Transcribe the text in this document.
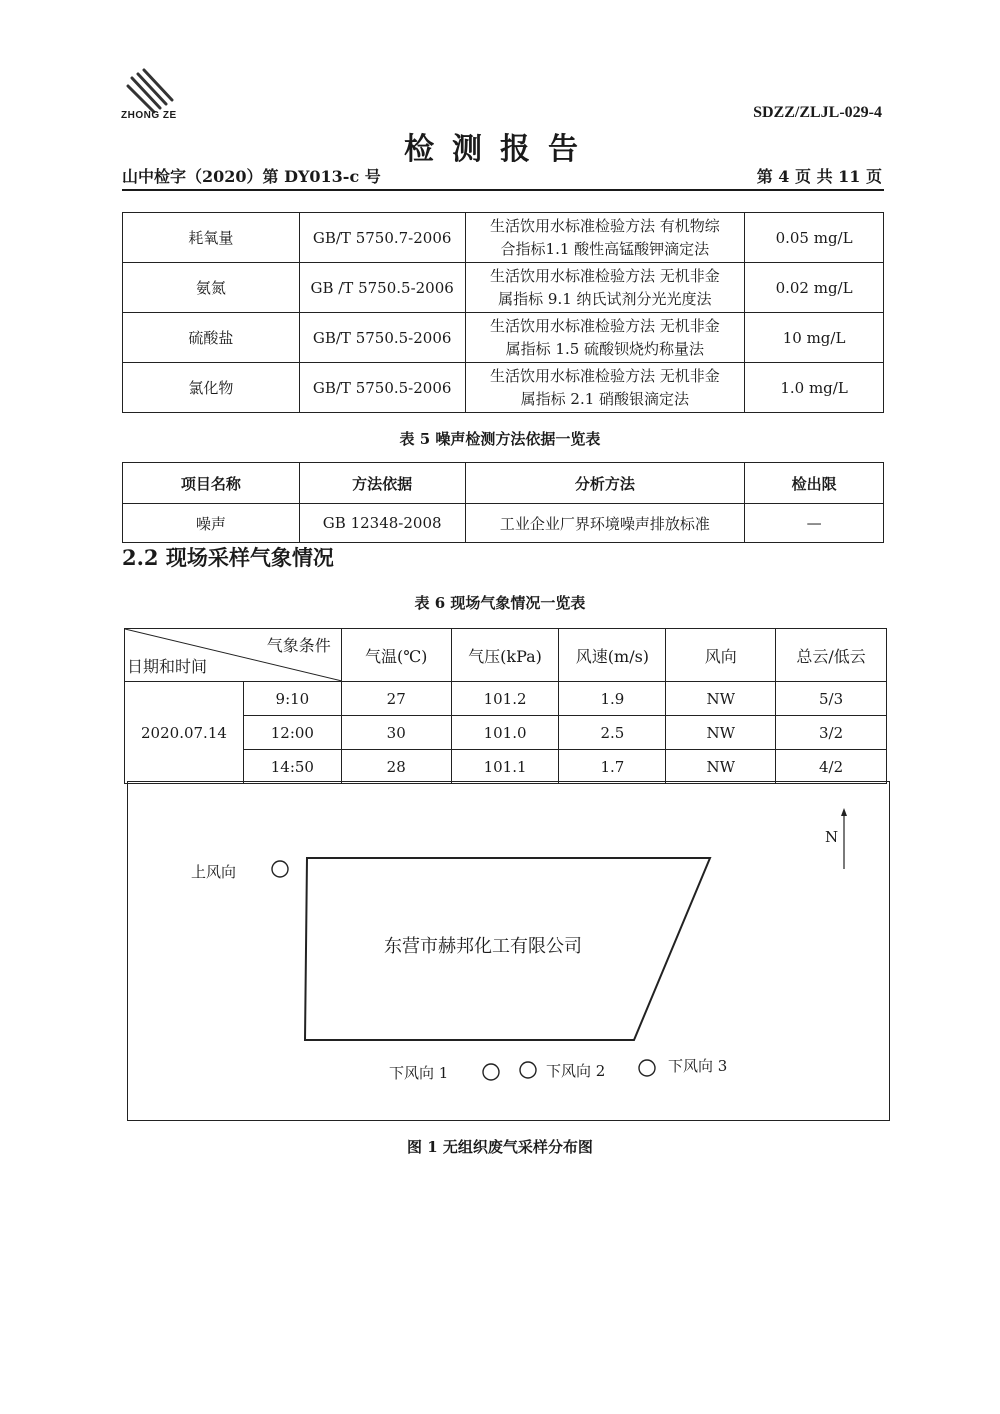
ZHONG ZE	SDZZ/ZLJL-029-4
检测报告
山中检字（2020）第 DY013-c 号	第 4 页 共 11 页
耗氧量	GB/T 5750.7-2006	生活饮用水标准检验方法 有机物综
合指标1.1 酸性高锰酸钾滴定法	0.05 mg/L
氨氮	GB /T 5750.5-2006	生活饮用水标准检验方法 无机非金
属指标 9.1 纳氏试剂分光光度法	0.02 mg/L
硫酸盐	GB/T 5750.5-2006	生活饮用水标准检验方法 无机非金
属指标 1.5 硫酸钡烧灼称量法	10 mg/L
氯化物	GB/T 5750.5-2006	生活饮用水标准检验方法 无机非金
属指标 2.1 硝酸银滴定法	1.0 mg/L
表 5 噪声检测方法依据一览表
项目名称	方法依据	分析方法	检出限
噪声	GB 12348-2008	工业企业厂界环境噪声排放标准	—
2.2 现场采样气象情况
表 6 现场气象情况一览表
气象条件
日期和时间		气温(℃)	气压(kPa)	风速(m/s)	风向	总云/低云
2020.07.14	9:10	27	101.2	1.9	NW	5/3
	12:00	30	101.0	2.5	NW	3/2
	14:50	28	101.1	1.7	NW	4/2
N
上风向
东营市赫邦化工有限公司
下风向 1	下风向 2	下风向 3
图 1 无组织废气采样分布图
